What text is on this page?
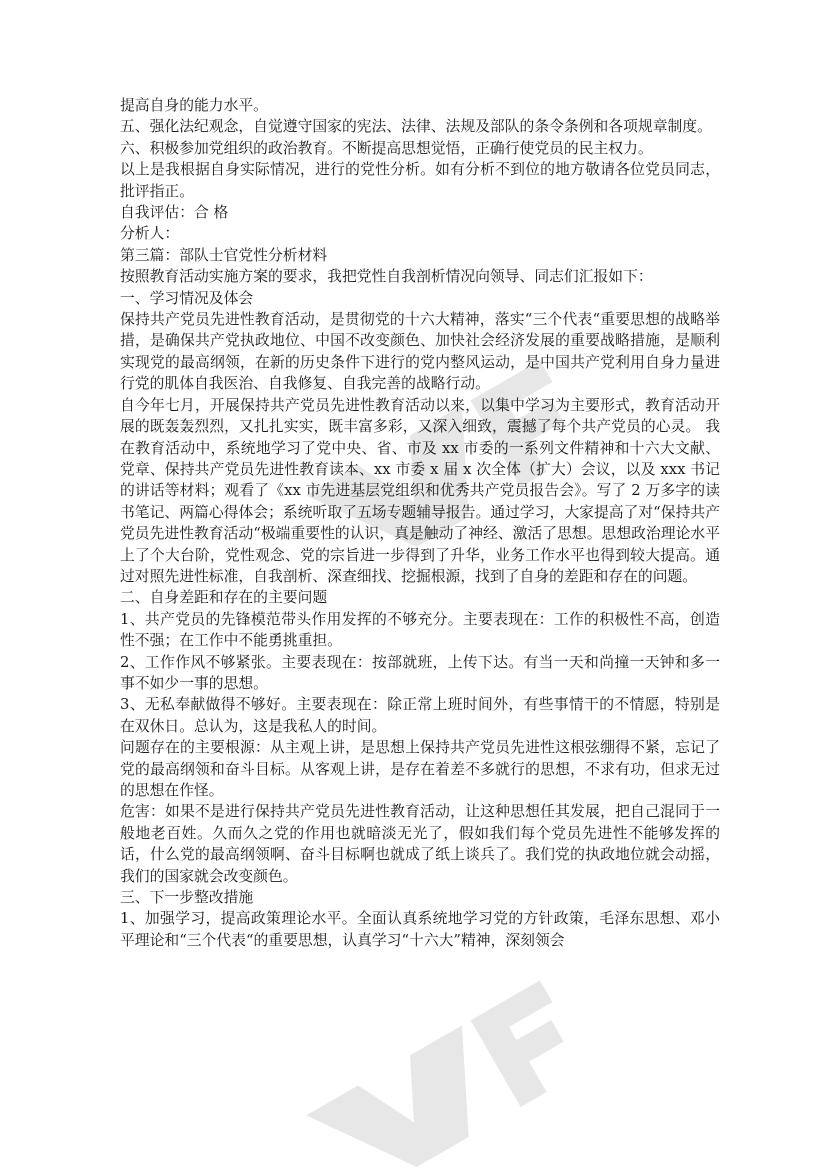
提高自身的能力水平。

五、强化法纪观念，自觉遵守国家的宪法、法律、法规及部队的条令条例和各项规章制度。

六、积极参加党组织的政治教育。不断提高思想觉悟，正确行使党员的民主权力。

以上是我根据自身实际情况，进行的党性分析。如有分析不到位的地方敬请各位党员同志，批评指正。

自我评估：合 格

分析人：

第三篇：部队士官党性分析材料

按照教育活动实施方案的要求，我把党性自我剖析情况向领导、同志们汇报如下：

一、学习情况及体会

保持共产党员先进性教育活动，是贯彻党的十六大精神，落实“三个代表“重要思想的战略举措，是确保共产党执政地位、中国不改变颜色、加快社会经济发展的重要战略措施，是顺利实现党的最高纲领，在新的历史条件下进行的党内整风运动，是中国共产党利用自身力量进行党的肌体自我医治、自我修复、自我完善的战略行动。

自今年七月，开展保持共产党员先进性教育活动以来，以集中学习为主要形式，教育活动开展的既轰轰烈烈，又扎扎实实，既丰富多彩，又深入细致，震撼了每个共产党员的心灵。 我在教育活动中，系统地学习了党中央、省、市及 xx 市委的一系列文件精神和十六大文献、党章、保持共产党员先进性教育读本、xx 市委 x 届 x 次全体（扩大）会议，以及 xxx 书记的讲话等材料；观看了《xx 市先进基层党组织和优秀共产党员报告会》。写了 2 万多字的读书笔记、两篇心得体会；系统听取了五场专题辅导报告。通过学习，大家提高了对“保持共产党员先进性教育活动“极端重要性的认识，真是触动了神经、激活了思想。思想政治理论水平上了个大台阶，党性观念、党的宗旨进一步得到了升华，业务工作水平也得到较大提高。通过对照先进性标准，自我剖析、深查细找、挖掘根源，找到了自身的差距和存在的问题。

二、自身差距和存在的主要问题

1、共产党员的先锋模范带头作用发挥的不够充分。主要表现在：工作的积极性不高，创造性不强；在工作中不能勇挑重担。

2、工作作风不够紧张。主要表现在：按部就班，上传下达。有当一天和尚撞一天钟和多一事不如少一事的思想。

3、无私奉献做得不够好。主要表现在：除正常上班时间外，有些事情干的不情愿，特别是在双休日。总认为，这是我私人的时间。

问题存在的主要根源：从主观上讲，是思想上保持共产党员先进性这根弦绷得不紧，忘记了党的最高纲领和奋斗目标。从客观上讲，是存在着差不多就行的思想，不求有功，但求无过的思想在作怪。

危害：如果不是进行保持共产党员先进性教育活动，让这种思想任其发展，把自己混同于一般地老百姓。久而久之党的作用也就暗淡无光了，假如我们每个党员先进性不能够发挥的话，什么党的最高纲领啊、奋斗目标啊也就成了纸上谈兵了。我们党的执政地位就会动摇，我们的国家就会改变颜色。

三、下一步整改措施

1、加强学习，提高政策理论水平。全面认真系统地学习党的方针政策，毛泽东思想、邓小平理论和“三个代表“的重要思想，认真学习“十六大”精神，深刻领会
